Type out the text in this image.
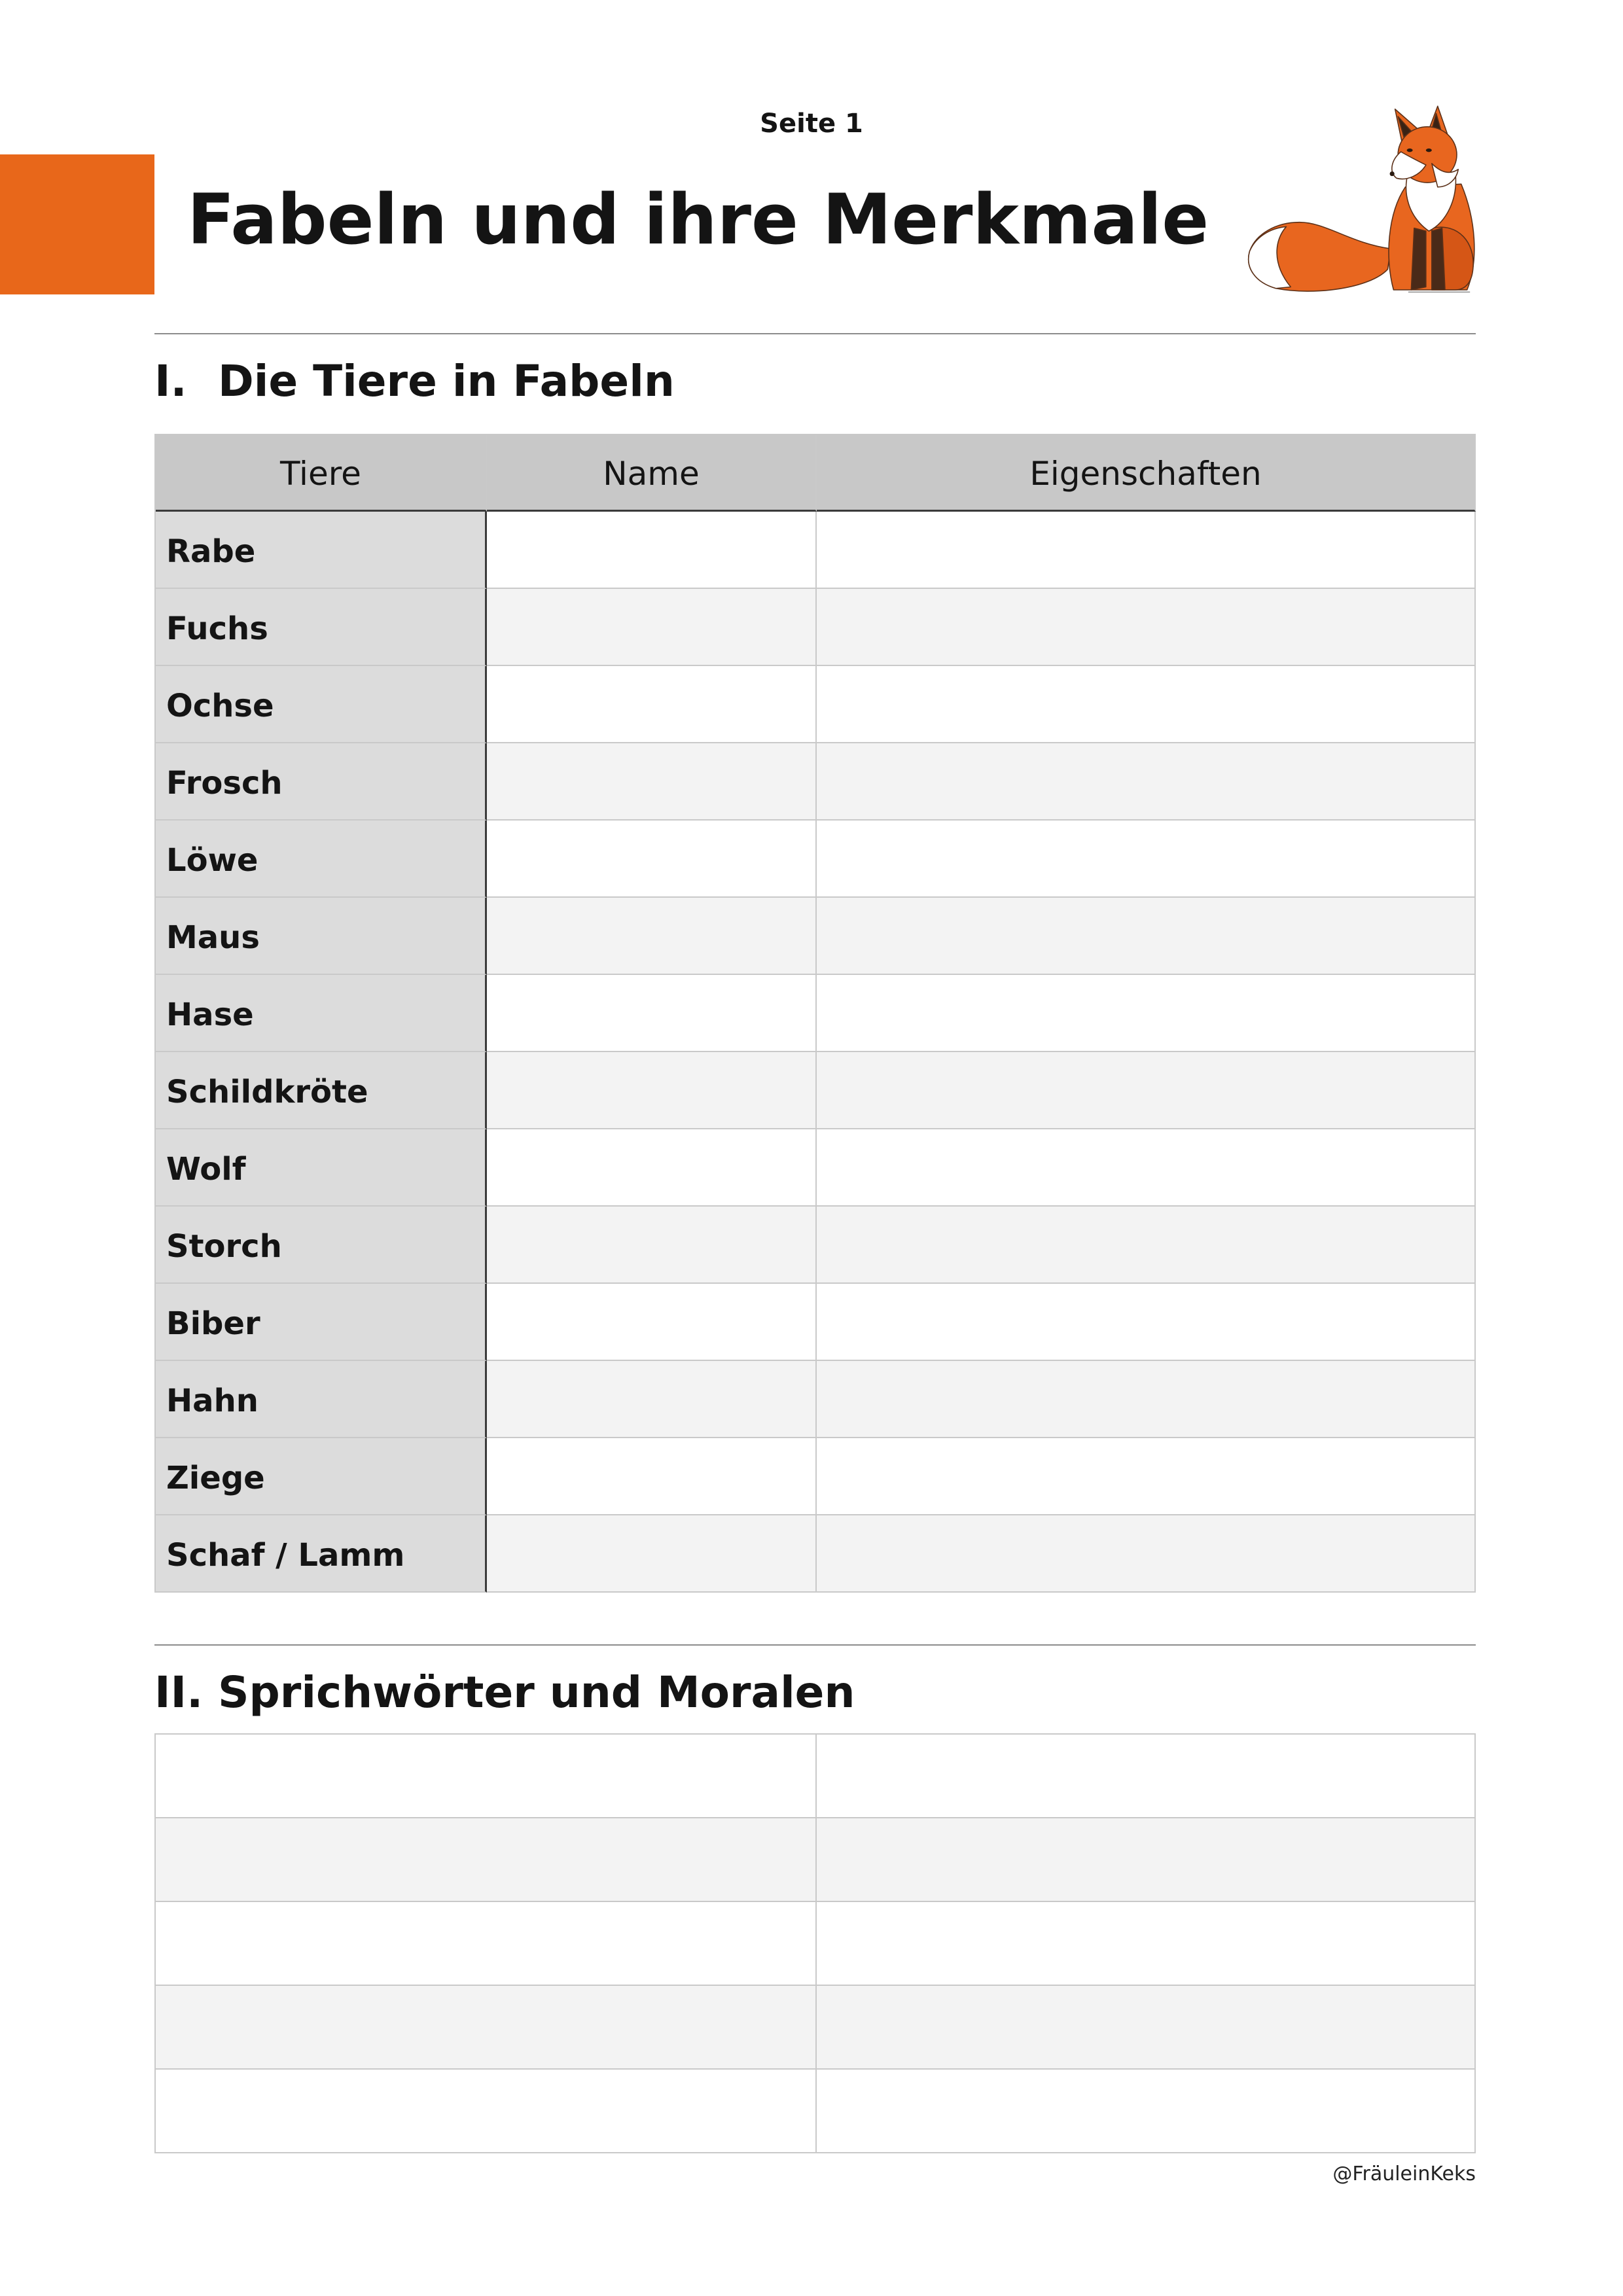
Seite 1
Fabeln und ihre Merkmale
I. Die Tiere in Fabeln
Tiere	Name	Eigenschaften
Rabe
Fuchs
Ochse
Frosch
Löwe
Maus
Hase
Schildkröte
Wolf
Storch
Biber
Hahn
Ziege
Schaf / Lamm
II. Sprichwörter und Moralen
@FräuleinKeks
